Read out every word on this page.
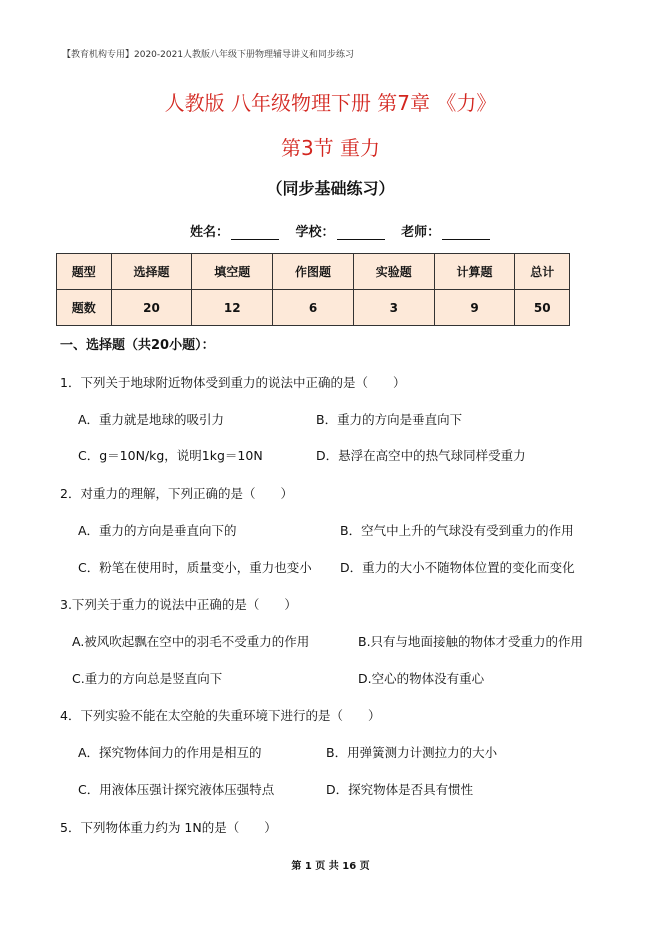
【教育机构专用】2020-2021人教版八年级下册物理辅导讲义和同步练习
人教版 八年级物理下册 第7章 《力》
第3节 重力
（同步基础练习）
姓名：	学校：	老师：
题型	选择题	填空题	作图题	实验题	计算题	总计
题数	20	12	6	3	9	50
一、选择题（共20小题）：
1．下列关于地球附近物体受到重力的说法中正确的是（　　）
A．重力就是地球的吸引力	B．重力的方向是垂直向下
C．g＝10N/kg，说明1kg＝10N	D．悬浮在高空中的热气球同样受重力
2．对重力的理解，下列正确的是（　　）
A．重力的方向是垂直向下的	B．空气中上升的气球没有受到重力的作用
C．粉笔在使用时，质量变小，重力也变小 D．重力的大小不随物体位置的变化而变化
3.下列关于重力的说法中正确的是（　　）
A.被风吹起飘在空中的羽毛不受重力的作用	B.只有与地面接触的物体才受重力的作用
C.重力的方向总是竖直向下	D.空心的物体没有重心
4．下列实验不能在太空舱的失重环境下进行的是（　　）
A．探究物体间力的作用是相互的	B．用弹簧测力计测拉力的大小
C．用液体压强计探究液体压强特点	D．探究物体是否具有惯性
5．下列物体重力约为 1N的是（　　）
第 1 页 共 16 页
